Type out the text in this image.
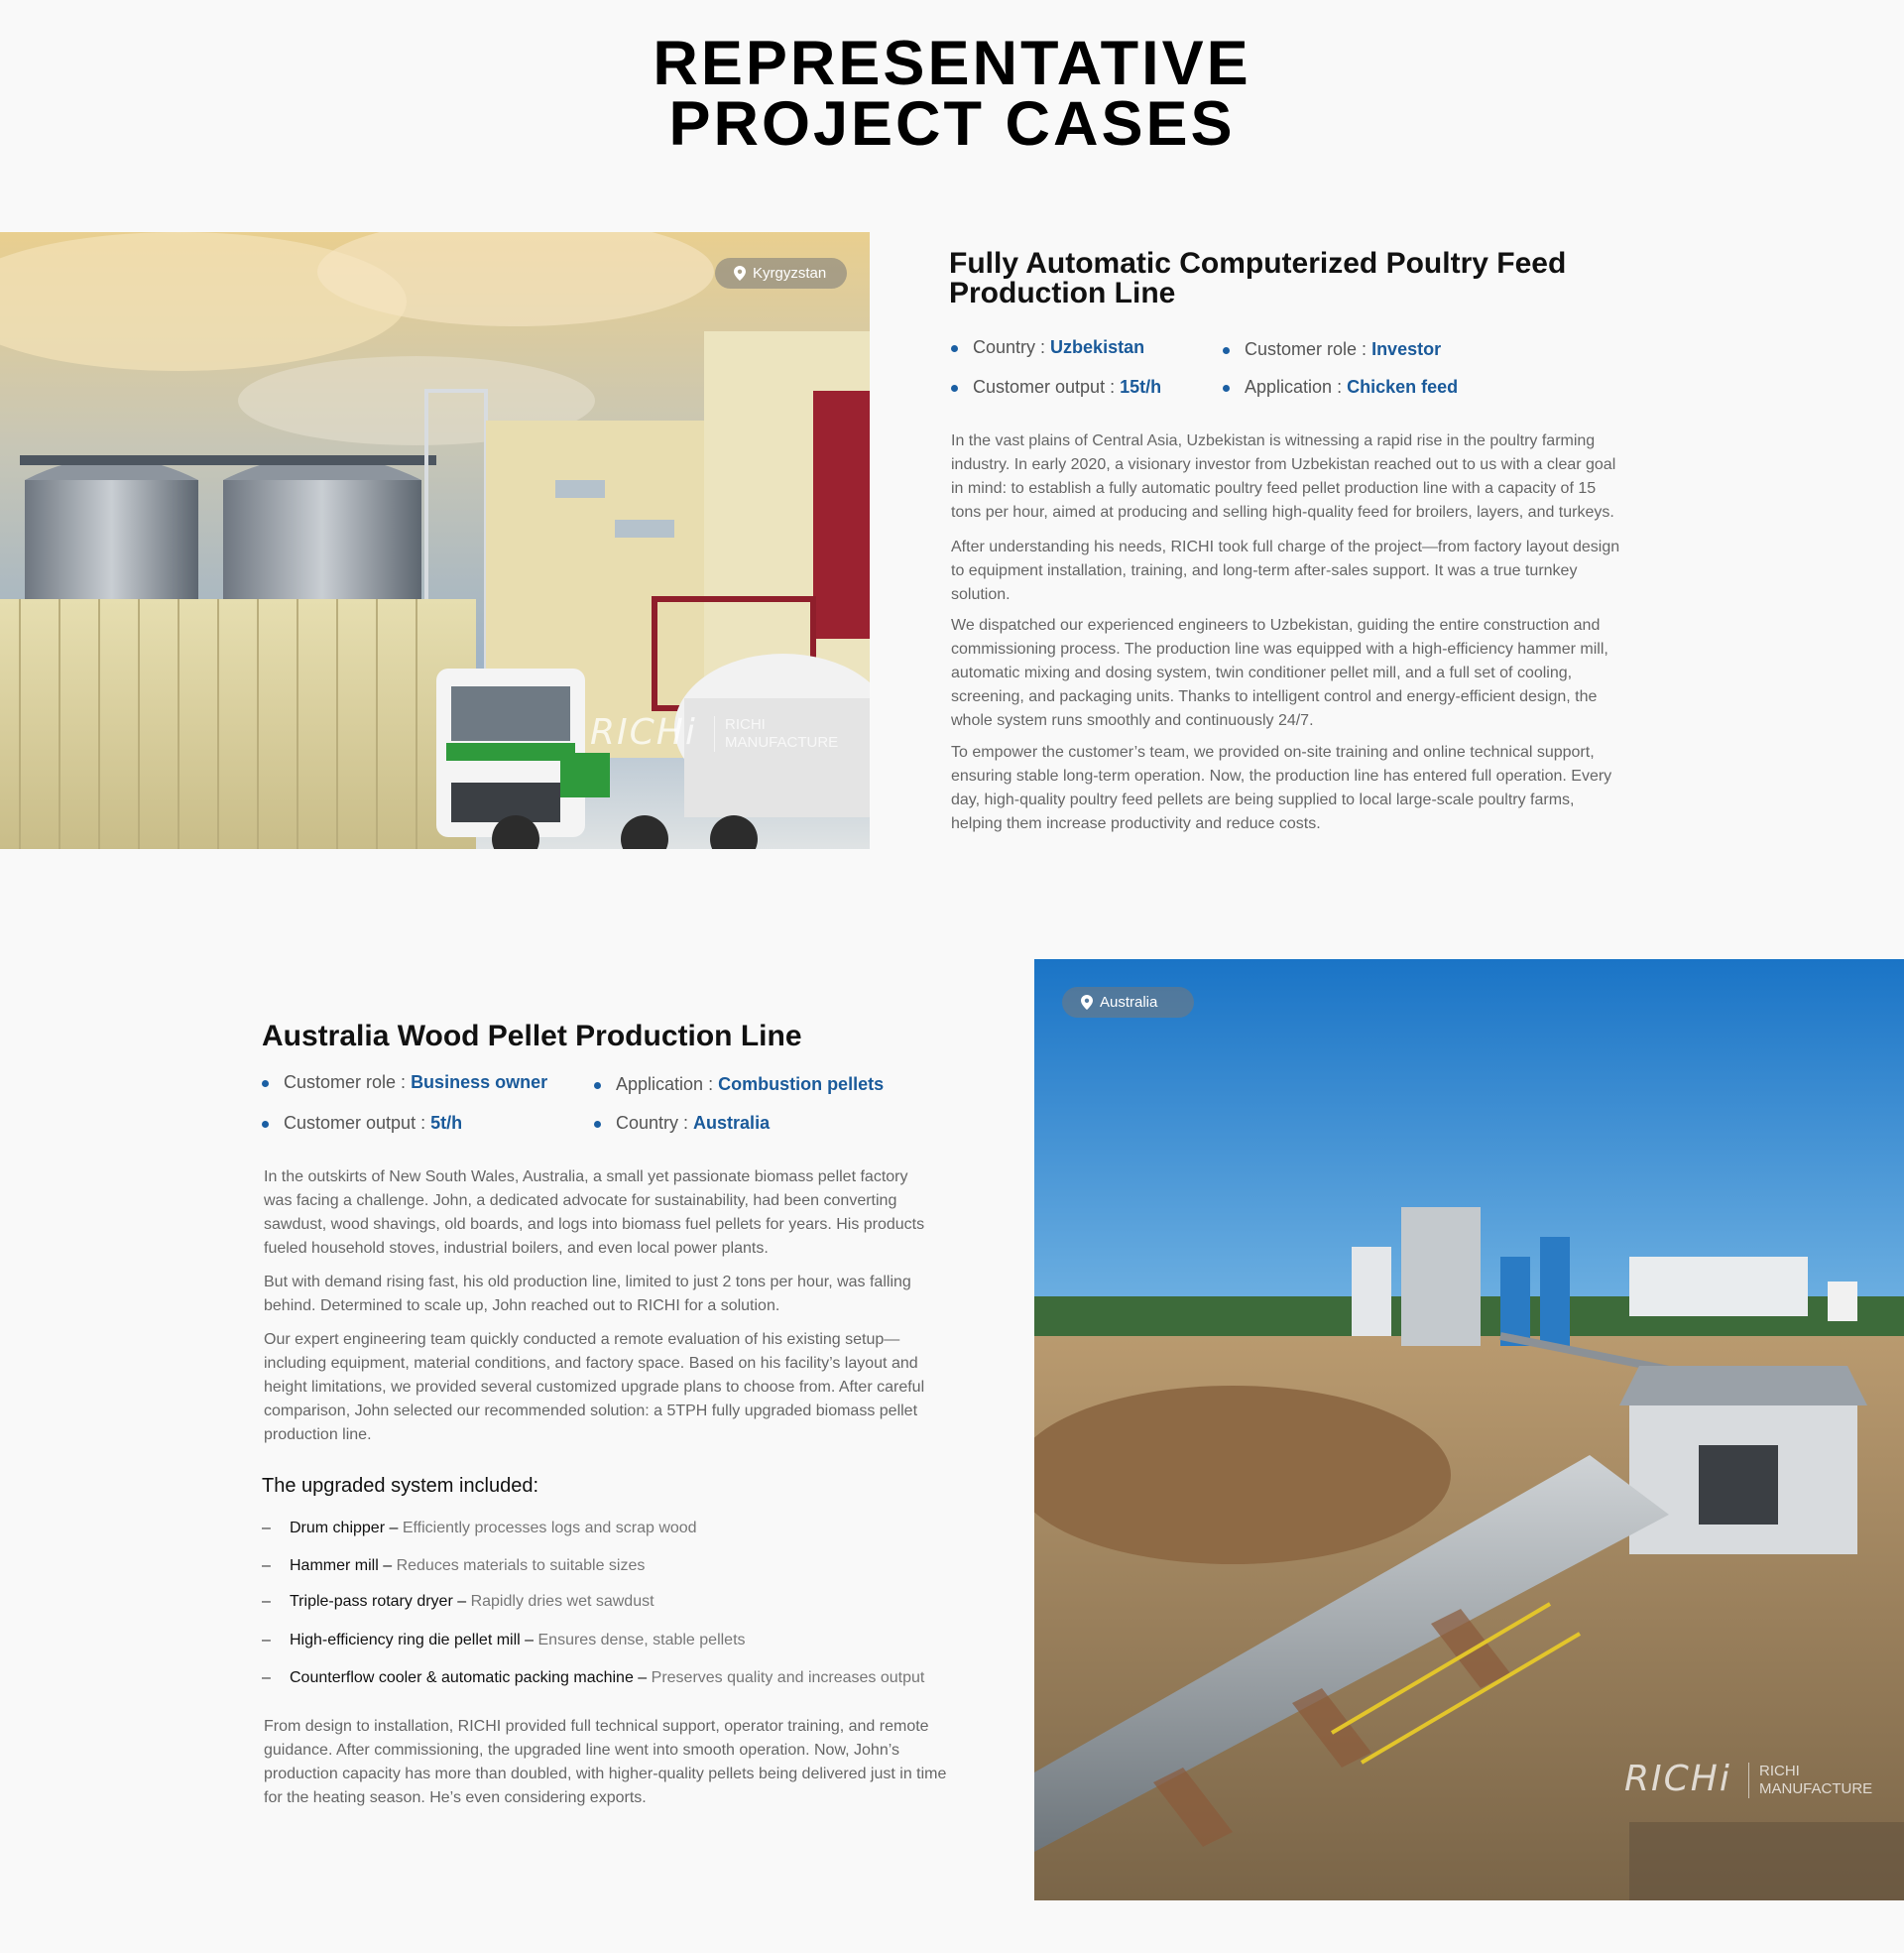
REPRESENTATIVE
PROJECT CASES
Kyrgyzstan
RICHi RICHI
MANUFACTURE
Fully Automatic Computerized Poultry Feed
Production Line
Country : Uzbekistan	Customer role : Investor
Customer output : 15t/h	Application : Chicken feed

In the vast plains of Central Asia, Uzbekistan is witnessing a rapid rise in the poultry farming industry. In early 2020, a visionary investor from Uzbekistan reached out to us with a clear goal in mind: to establish a fully automatic poultry feed pellet production line with a capacity of 15 tons per hour, aimed at producing and selling high-quality feed for broilers, layers, and turkeys.

After understanding his needs, RICHI took full charge of the project—from factory layout design to equipment installation, training, and long-term after-sales support. It was a true turnkey solution.

We dispatched our experienced engineers to Uzbekistan, guiding the entire construction and commissioning process. The production line was equipped with a high-efficiency hammer mill, automatic mixing and dosing system, twin conditioner pellet mill, and a full set of cooling, screening, and packaging units. Thanks to intelligent control and energy-efficient design, the whole system runs smoothly and continuously 24/7.

To empower the customer’s team, we provided on-site training and online technical support, ensuring stable long-term operation. Now, the production line has entered full operation. Every day, high-quality poultry feed pellets are being supplied to local large-scale poultry farms, helping them increase productivity and reduce costs.

Australia Wood Pellet Production Line
Customer role : Business owner	Application : Combustion pellets
Customer output : 5t/h	Country : Australia

In the outskirts of New South Wales, Australia, a small yet passionate biomass pellet factory was facing a challenge. John, a dedicated advocate for sustainability, had been converting sawdust, wood shavings, old boards, and logs into biomass fuel pellets for years. His products fueled household stoves, industrial boilers, and even local power plants.

But with demand rising fast, his old production line, limited to just 2 tons per hour, was falling behind. Determined to scale up, John reached out to RICHI for a solution.

Our expert engineering team quickly conducted a remote evaluation of his existing setup—including equipment, material conditions, and factory space. Based on his facility’s layout and height limitations, we provided several customized upgrade plans to choose from. After careful comparison, John selected our recommended solution: a 5TPH fully upgraded biomass pellet production line.

The upgraded system included:
– Drum chipper – Efficiently processes logs and scrap wood
– Hammer mill – Reduces materials to suitable sizes
– Triple-pass rotary dryer – Rapidly dries wet sawdust
– High-efficiency ring die pellet mill – Ensures dense, stable pellets
– Counterflow cooler & automatic packing machine – Preserves quality and increases output

From design to installation, RICHI provided full technical support, operator training, and remote guidance. After commissioning, the upgraded line went into smooth operation. Now, John’s production capacity has more than doubled, with higher-quality pellets being delivered just in time for the heating season. He’s even considering exports.

Australia
RICHi RICHI
MANUFACTURE
